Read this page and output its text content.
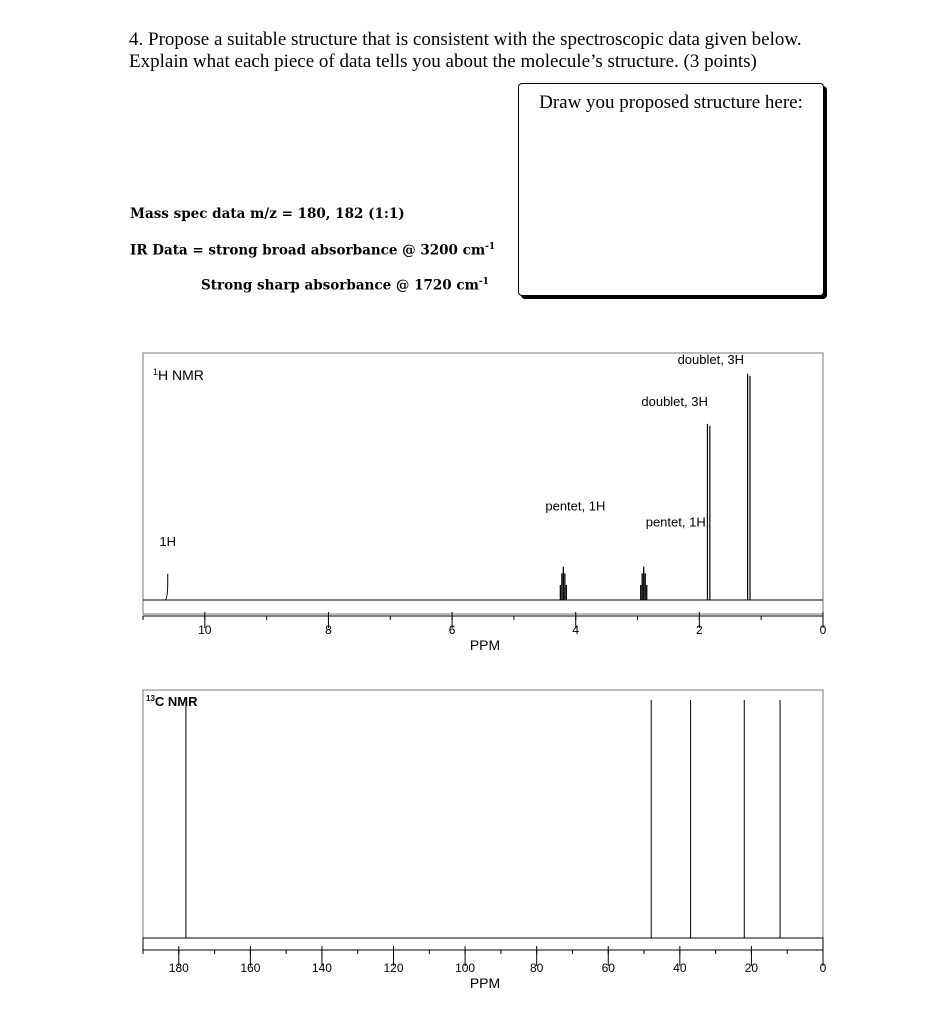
4. Propose a suitable structure that is consistent with the spectroscopic data given below.
Explain what each piece of data tells you about the molecule’s structure. (3 points)
Draw you proposed structure here:
Mass spec data m/z = 180, 182 (1:1)
IR Data = strong broad absorbance @ 3200 $cm^{-1}$
Strong sharp absorbance @ 1720 $cm^{-1}$
$^1$H NMR
10	8	6	4	2	0
1H
pentet, 1H
pentet, 1H
doublet, 3H
doublet, 3H
PPM
$^{13}$C NMR
180	160	140	120	100	80	60	40	20	0
PPM
